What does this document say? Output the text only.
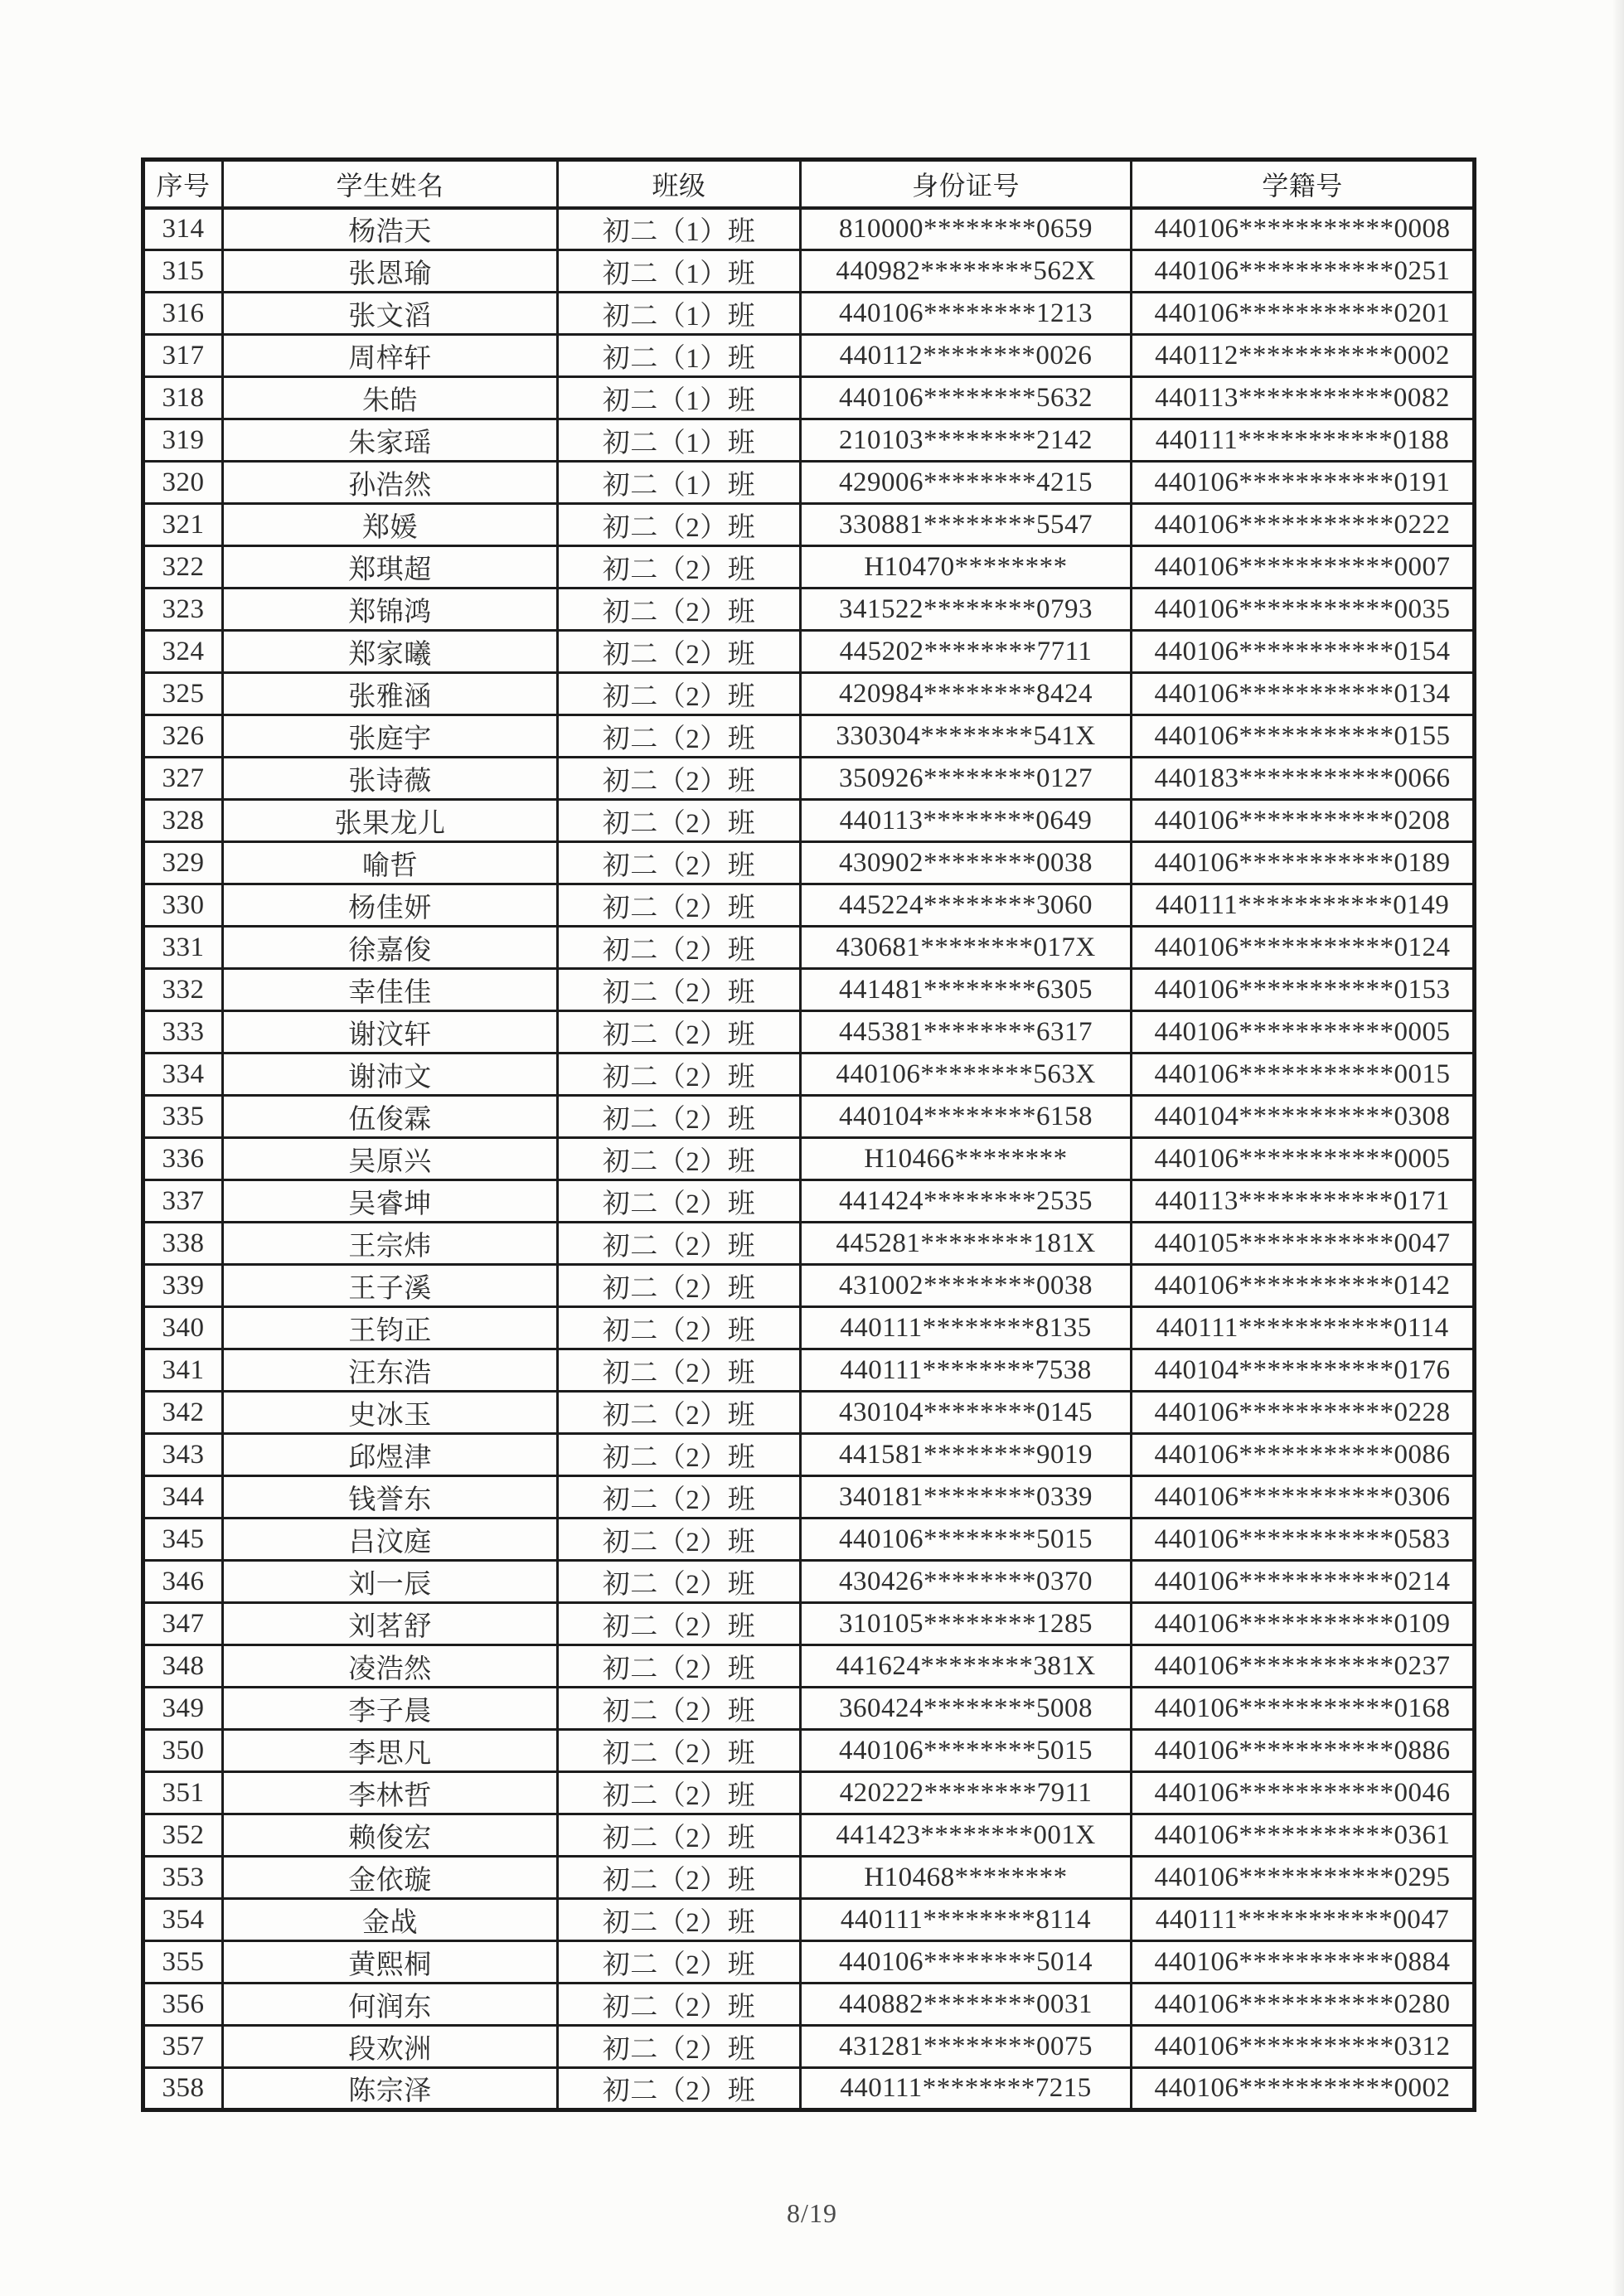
序号	学生姓名	班级	身份证号	学籍号
314	杨浩天	初二（1）班	810000********0659	440106***********0008
315	张恩瑜	初二（1）班	440982********562X	440106***********0251
316	张文滔	初二（1）班	440106********1213	440106***********0201
317	周梓轩	初二（1）班	440112********0026	440112***********0002
318	朱皓	初二（1）班	440106********5632	440113***********0082
319	朱家瑶	初二（1）班	210103********2142	440111***********0188
320	孙浩然	初二（1）班	429006********4215	440106***********0191
321	郑媛	初二（2）班	330881********5547	440106***********0222
322	郑琪超	初二（2）班	H10470********	440106***********0007
323	郑锦鸿	初二（2）班	341522********0793	440106***********0035
324	郑家曦	初二（2）班	445202********7711	440106***********0154
325	张雅涵	初二（2）班	420984********8424	440106***********0134
326	张庭宇	初二（2）班	330304********541X	440106***********0155
327	张诗薇	初二（2）班	350926********0127	440183***********0066
328	张果龙儿	初二（2）班	440113********0649	440106***********0208
329	喻哲	初二（2）班	430902********0038	440106***********0189
330	杨佳妍	初二（2）班	445224********3060	440111***********0149
331	徐嘉俊	初二（2）班	430681********017X	440106***********0124
332	幸佳佳	初二（2）班	441481********6305	440106***********0153
333	谢汶轩	初二（2）班	445381********6317	440106***********0005
334	谢沛文	初二（2）班	440106********563X	440106***********0015
335	伍俊霖	初二（2）班	440104********6158	440104***********0308
336	吴原兴	初二（2）班	H10466********	440106***********0005
337	吴睿坤	初二（2）班	441424********2535	440113***********0171
338	王宗炜	初二（2）班	445281********181X	440105***********0047
339	王子溪	初二（2）班	431002********0038	440106***********0142
340	王钧正	初二（2）班	440111********8135	440111***********0114
341	汪东浩	初二（2）班	440111********7538	440104***********0176
342	史冰玉	初二（2）班	430104********0145	440106***********0228
343	邱煜津	初二（2）班	441581********9019	440106***********0086
344	钱誉东	初二（2）班	340181********0339	440106***********0306
345	吕汶庭	初二（2）班	440106********5015	440106***********0583
346	刘一辰	初二（2）班	430426********0370	440106***********0214
347	刘茗舒	初二（2）班	310105********1285	440106***********0109
348	凌浩然	初二（2）班	441624********381X	440106***********0237
349	李子晨	初二（2）班	360424********5008	440106***********0168
350	李思凡	初二（2）班	440106********5015	440106***********0886
351	李林哲	初二（2）班	420222********7911	440106***********0046
352	赖俊宏	初二（2）班	441423********001X	440106***********0361
353	金依璇	初二（2）班	H10468********	440106***********0295
354	金战	初二（2）班	440111********8114	440111***********0047
355	黄熙桐	初二（2）班	440106********5014	440106***********0884
356	何润东	初二（2）班	440882********0031	440106***********0280
357	段欢洲	初二（2）班	431281********0075	440106***********0312
358	陈宗泽	初二（2）班	440111********7215	440106***********0002
8/19
